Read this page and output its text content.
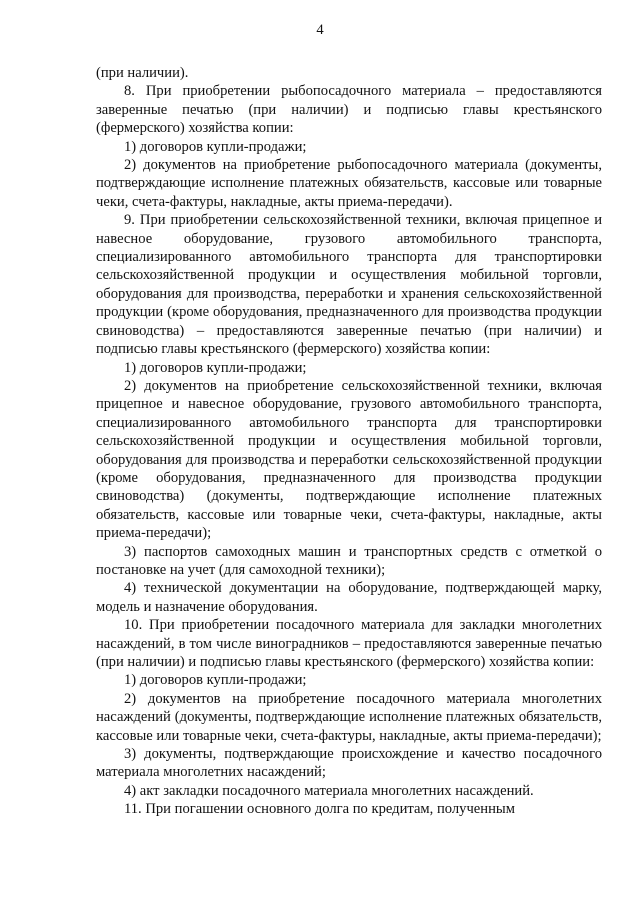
4

(при наличии).

8. При приобретении рыбопосадочного материала – предоставляются заверенные печатью (при наличии) и подписью главы крестьянского (фермерского) хозяйства копии:

1) договоров купли-продажи;

2) документов на приобретение рыбопосадочного материала (документы, подтверждающие исполнение платежных обязательств, кассовые или товарные чеки, счета-фактуры, накладные, акты приема-передачи).

9. При приобретении сельскохозяйственной техники, включая прицепное и навесное оборудование, грузового автомобильного транспорта, специализированного автомобильного транспорта для транспортировки сельскохозяйственной продукции и осуществления мобильной торговли, оборудования для производства, переработки и хранения сельскохозяйственной продукции (кроме оборудования, предназначенного для производства продукции свиноводства) – предоставляются заверенные печатью (при наличии) и подписью главы крестьянского (фермерского) хозяйства копии:

1) договоров купли-продажи;

2) документов на приобретение сельскохозяйственной техники, включая прицепное и навесное оборудование, грузового автомобильного транспорта, специализированного автомобильного транспорта для транспортировки сельскохозяйственной продукции и осуществления мобильной торговли, оборудования для производства и переработки сельскохозяйственной продукции (кроме оборудования, предназначенного для производства продукции свиноводства) (документы, подтверждающие исполнение платежных обязательств, кассовые или товарные чеки, счета-фактуры, накладные, акты приема-передачи);

3) паспортов самоходных машин и транспортных средств с отметкой о постановке на учет (для самоходной техники);

4) технической документации на оборудование, подтверждающей марку, модель и назначение оборудования.

10. При приобретении посадочного материала для закладки многолетних насаждений, в том числе виноградников – предоставляются заверенные печатью (при наличии) и подписью главы крестьянского (фермерского) хозяйства копии:

1) договоров купли-продажи;

2) документов на приобретение посадочного материала многолетних насаждений (документы, подтверждающие исполнение платежных обязательств, кассовые или товарные чеки, счета-фактуры, накладные, акты приема-передачи);

3) документы, подтверждающие происхождение и качество посадочного материала многолетних насаждений;

4) акт закладки посадочного материала многолетних насаждений.

11. При погашении основного долга по кредитам, полученным
